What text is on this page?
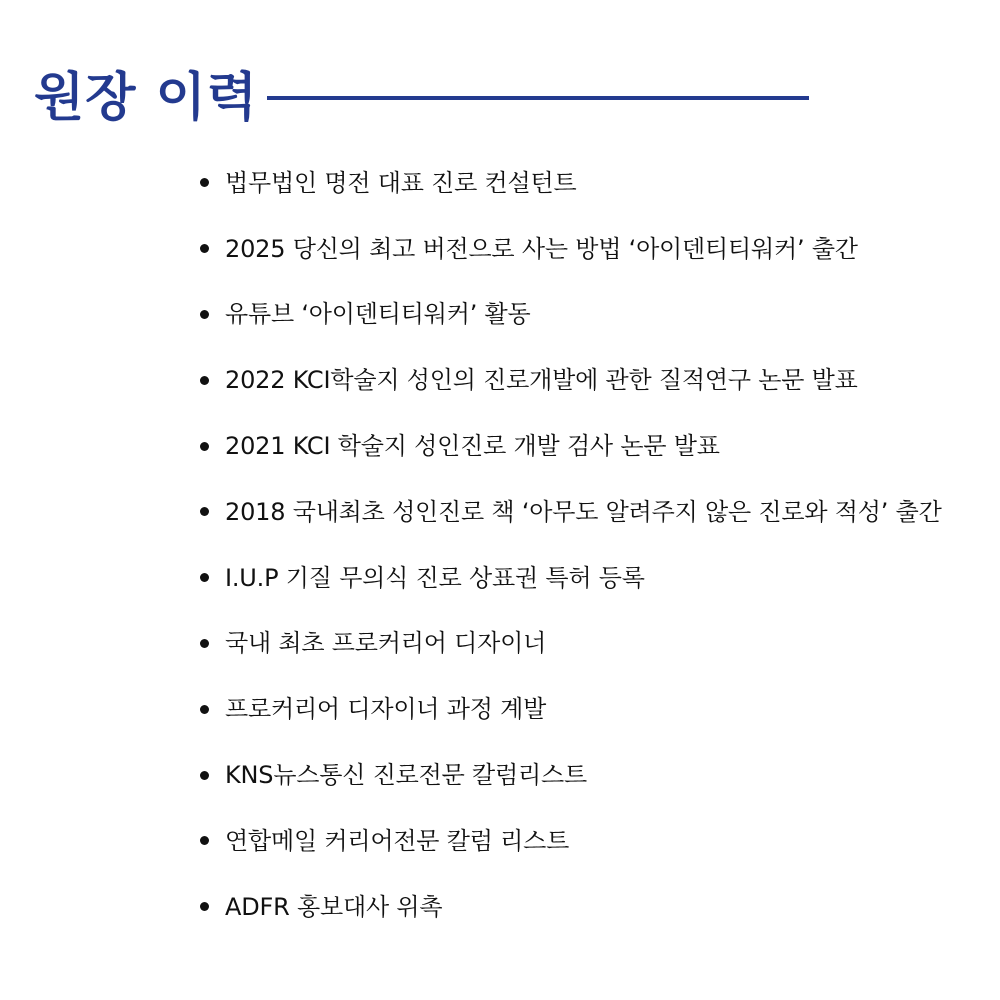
원장 이력
법무법인 명전 대표 진로 컨설턴트
2025 당신의 최고 버전으로 사는 방법 ‘아이덴티티워커’ 출간
유튜브 ‘아이덴티티워커’ 활동
2022 KCI학술지 성인의 진로개발에 관한 질적연구 논문 발표
2021 KCI 학술지 성인진로 개발 검사 논문 발표
2018 국내최초 성인진로 책 ‘아무도 알려주지 않은 진로와 적성’ 출간
I.U.P 기질 무의식 진로 상표권 특허 등록
국내 최초 프로커리어 디자이너
프로커리어 디자이너 과정 계발
KNS뉴스통신 진로전문 칼럼리스트
연합메일 커리어전문 칼럼 리스트
ADFR 홍보대사 위촉
